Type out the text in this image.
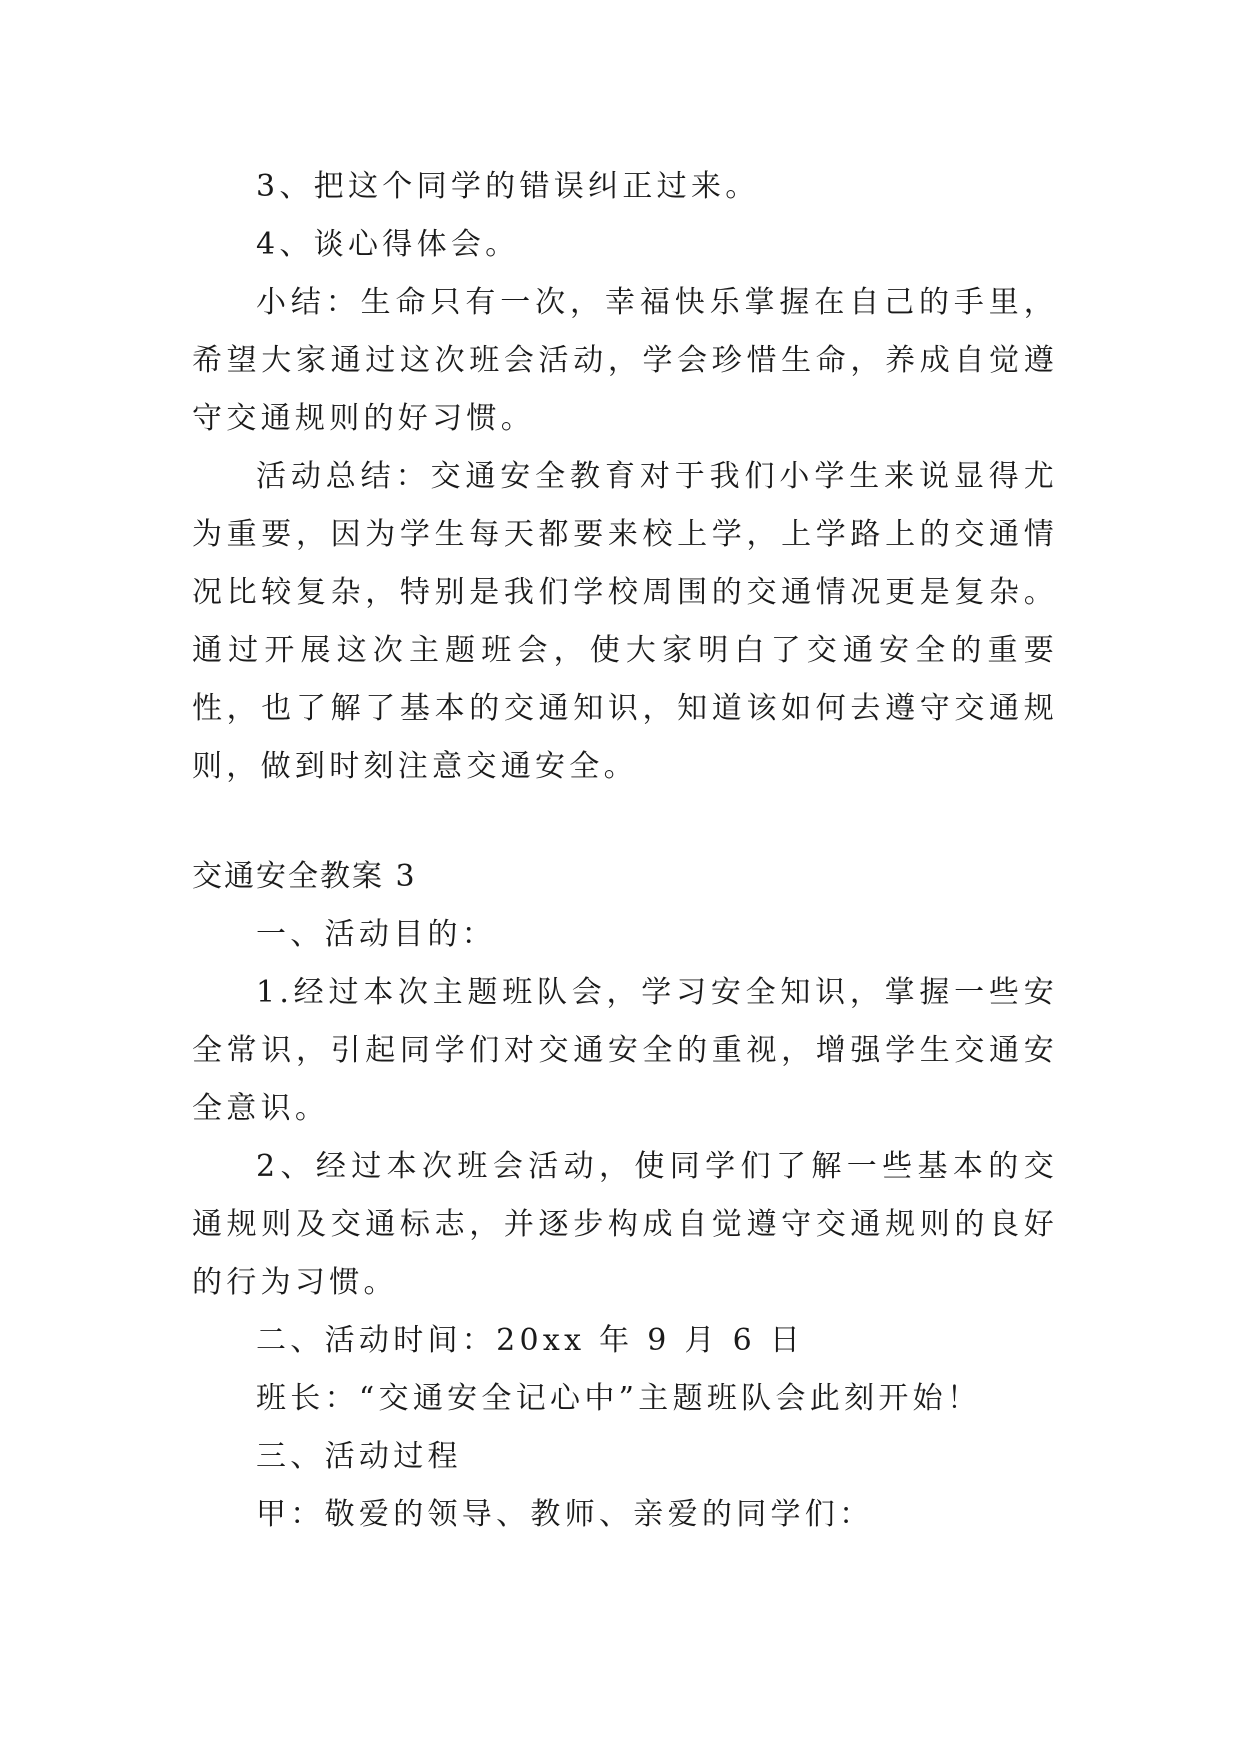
3、把这个同学的错误纠正过来。

4、谈心得体会。

小结：生命只有一次，幸福快乐掌握在自己的手里，希望大家通过这次班会活动，学会珍惜生命，养成自觉遵守交通规则的好习惯。

活动总结：交通安全教育对于我们小学生来说显得尤为重要，因为学生每天都要来校上学，上学路上的交通情况比较复杂，特别是我们学校周围的交通情况更是复杂。通过开展这次主题班会，使大家明白了交通安全的重要性，也了解了基本的交通知识，知道该如何去遵守交通规则，做到时刻注意交通安全。

交通安全教案 3

一、活动目的：

1.经过本次主题班队会，学习安全知识，掌握一些安全常识，引起同学们对交通安全的重视，增强学生交通安全意识。

2、经过本次班会活动，使同学们了解一些基本的交通规则及交通标志，并逐步构成自觉遵守交通规则的良好的行为习惯。

二、活动时间：20xx 年 9 月 6 日

班长：“交通安全记心中”主题班队会此刻开始！

三、活动过程

甲：敬爱的领导、教师、亲爱的同学们：
